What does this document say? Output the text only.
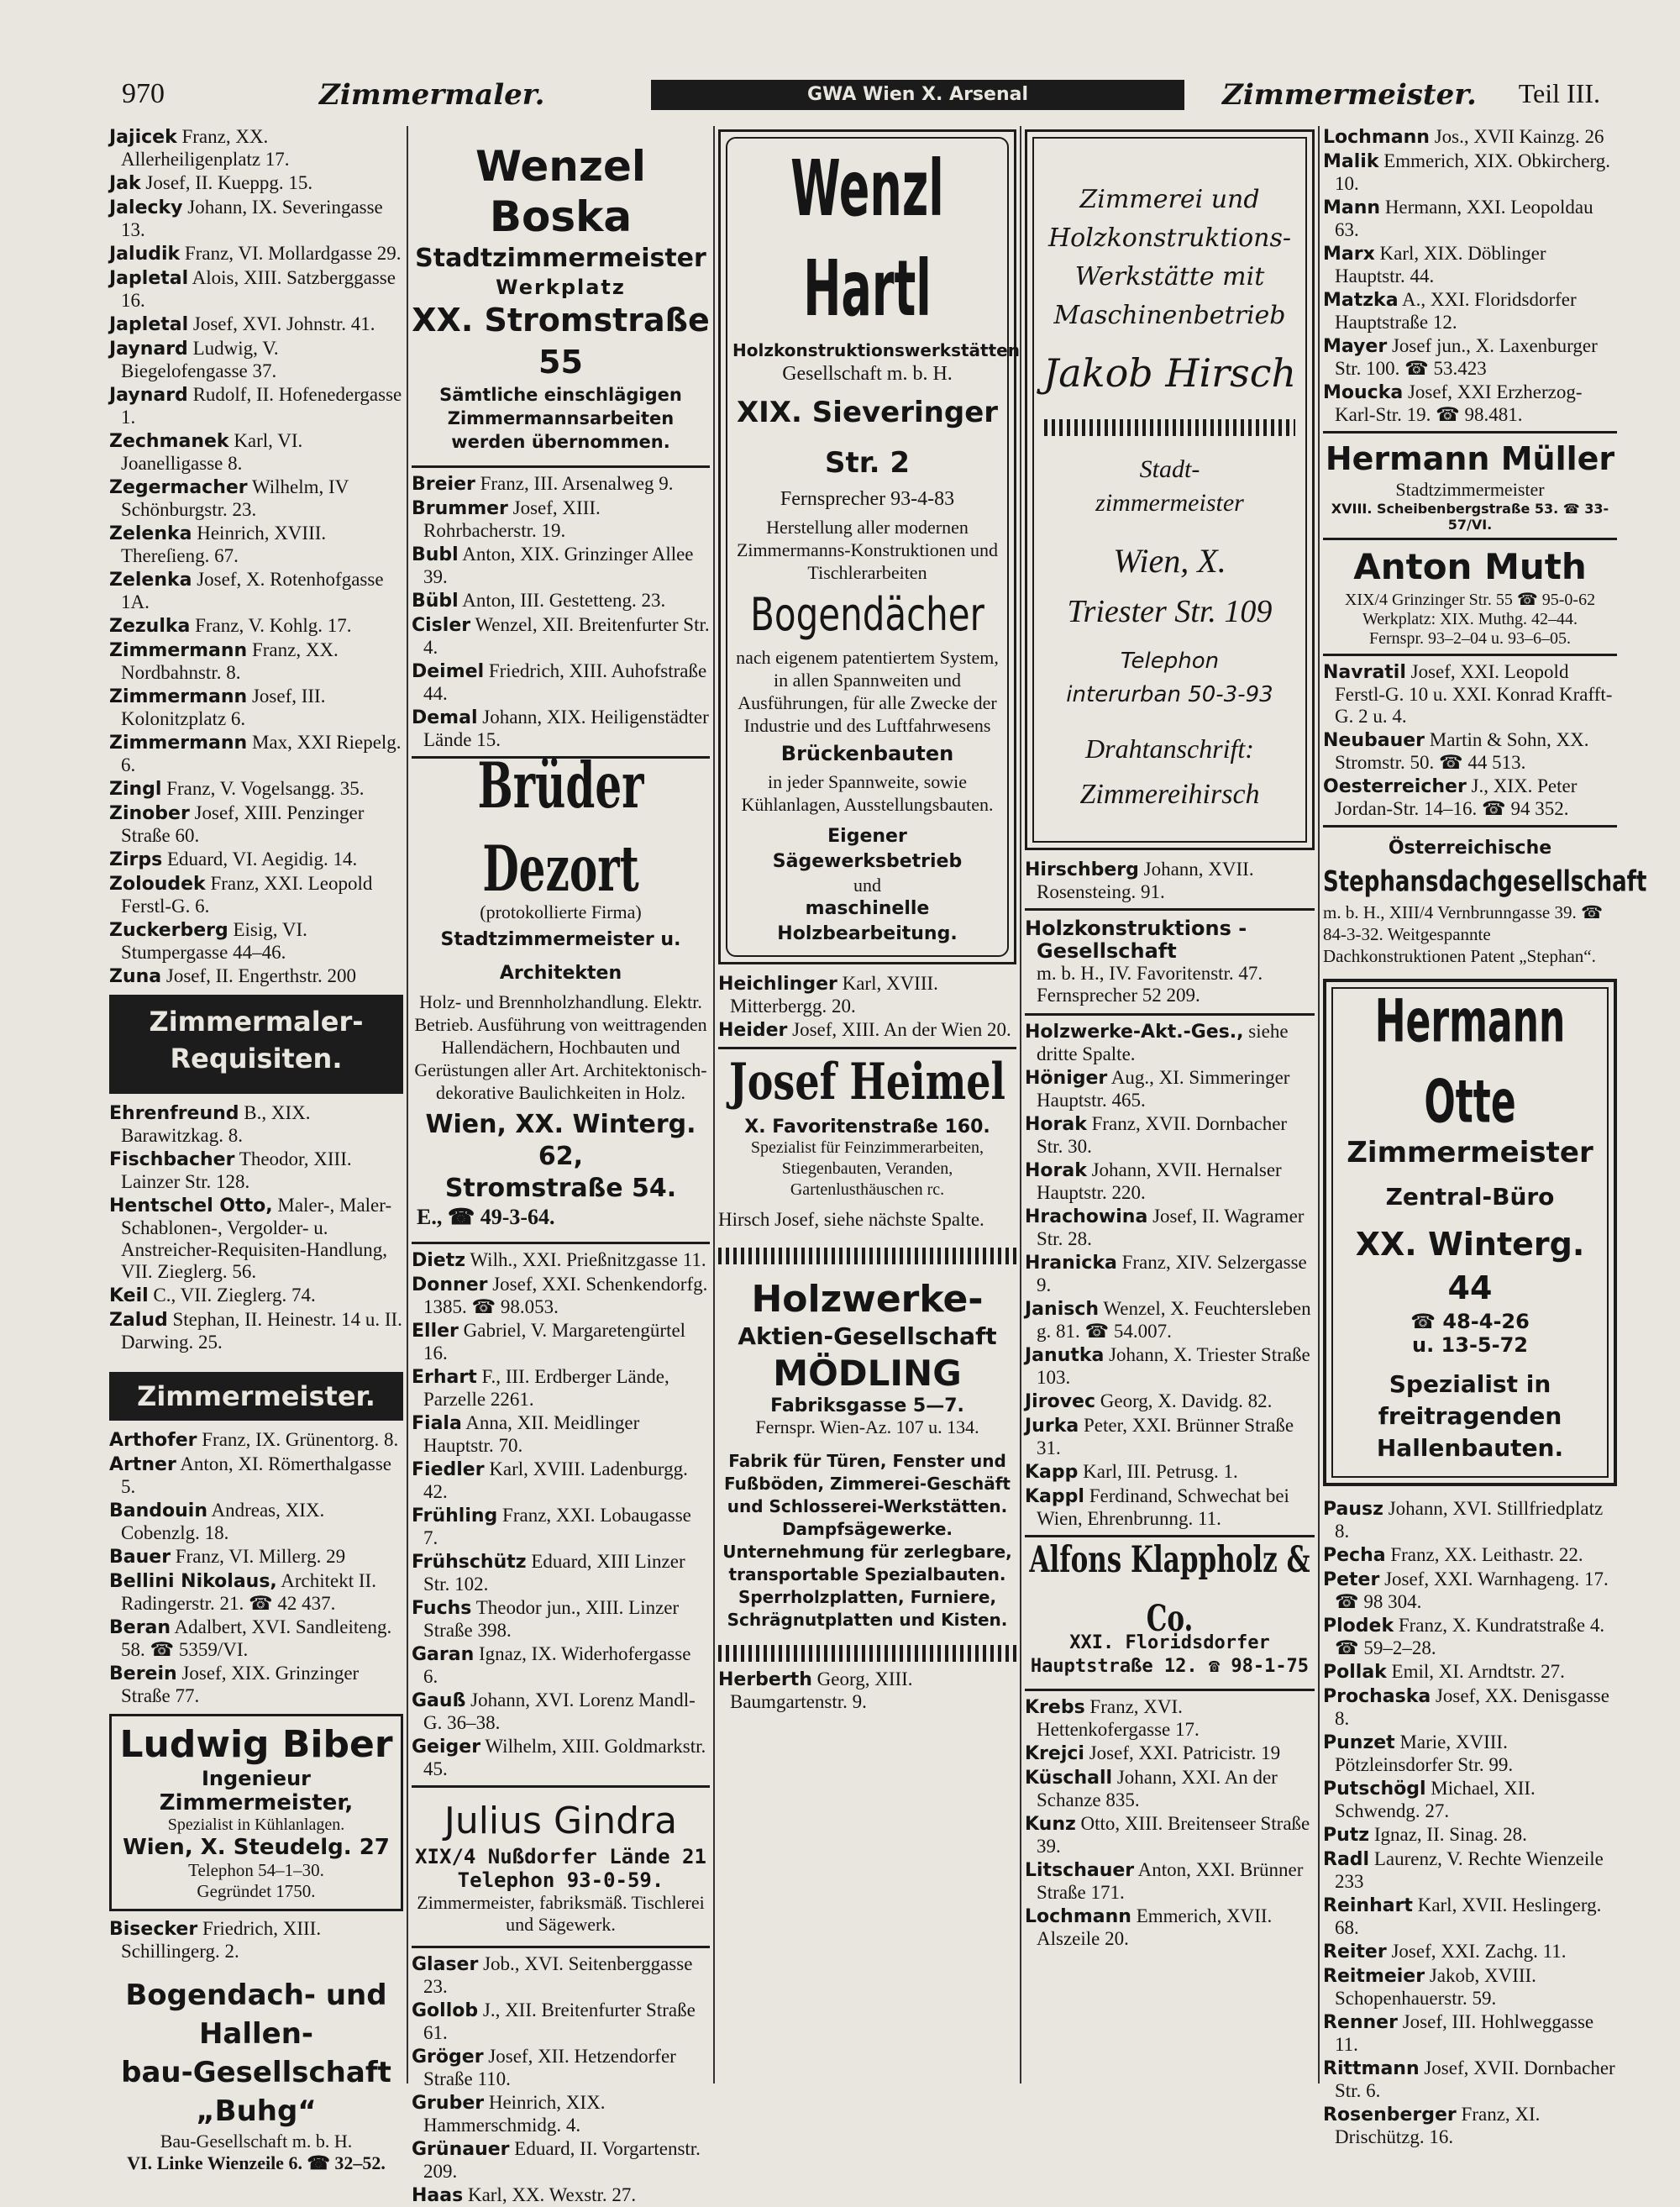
970	Zimmermaler.	GWA Wien X. Arsenal	Zimmermeister. Teil III.
Jajicek Franz, XX. Allerheiligenplatz 17.
Jak Josef, II. Kueppg. 15.
Jalecky Johann, IX. Severingasse 13.
Jaludik Franz, VI. Mollardgasse 29.
Japletal Alois, XIII. Satzberggasse 16.
Japletal Josef, XVI. Johnstr. 41.
Jaynard Ludwig, V. Biegelofengasse 37.
Jaynard Rudolf, II. Hofenedergasse 1.
Zechmanek Karl, VI. Joanelligasse 8.
Zegermacher Wilhelm, IV Schönburgstr. 23.
Zelenka Heinrich, XVIII. Thereſieng. 67.
Zelenka Josef, X. Rotenhofgasse 1A.
Zezulka Franz, V. Kohlg. 17.
Zimmermann Franz, XX. Nordbahnstr. 8.
Zimmermann Josef, III. Kolonitzplatz 6.
Zimmermann Max, XXI Riepelg. 6.
Zingl Franz, V. Vogelsangg. 35.
Zinober Josef, XIII. Penzinger Straße 60.
Zirps Eduard, VI. Aegidig. 14.
Zoloudek Franz, XXI. Leopold Ferstl-G. 6.
Zuckerberg Eisig, VI. Stumpergasse 44–46.
Zuna Josef, II. Engerthstr. 200
Zimmermaler-
Requisiten.
Ehrenfreund B., XIX. Barawitzkag. 8.
Fischbacher Theodor, XIII. Lainzer Str. 128.
Hentschel Otto, Maler-, Maler-Schablonen-, Vergolder- u. Anstreicher-Requisiten-Handlung, VII. Zieglerg. 56.
Keil C., VII. Zieglerg. 74.
Zalud Stephan, II. Heinestr. 14 u. II. Darwing. 25.
Zimmermeister.
Arthofer Franz, IX. Grünentorg. 8.
Artner Anton, XI. Römerthalgasse 5.
Bandouin Andreas, XIX. Cobenzlg. 18.
Bauer Franz, VI. Millerg. 29
Bellini Nikolaus, Architekt II. Radingerstr. 21. ☎ 42 437.
Beran Adalbert, XVI. Sandleiteng. 58. ☎ 5359/VI.
Berein Josef, XIX. Grinzinger Straße 77.
Ludwig Biber
Ingenieur
Zimmermeister,
Spezialist in Kühlanlagen.
Wien, X. Steudelg. 27
Telephon 54–1–30.
Gegründet 1750.
Bisecker Friedrich, XIII. Schillingerg. 2.
Bogendach- und Hallen-
bau-Gesellschaft „Buhg“
Bau-Gesellschaft m. b. H.
VI. Linke Wienzeile 6. ☎ 32–52.
Wenzel Boska
Stadtzimmermeister
Werkplatz
XX. Stromstraße 55
Sämtliche einschlägigen Zimmermannsarbeiten werden übernommen.
Breier Franz, III. Arsenalweg 9.
Brummer Josef, XIII. Rohrbacherstr. 19.
Bubl Anton, XIX. Grinzinger Allee 39.
Bübl Anton, III. Gestetteng. 23.
Cisler Wenzel, XII. Breitenfurter Str. 4.
Deimel Friedrich, XIII. Auhofstraße 44.
Demal Johann, XIX. Heiligenstädter Lände 15.
Brüder Dezort
(protokollierte Firma)
Stadtzimmermeister u. Architekten
Holz- und Brennholzhandlung. Elektr. Betrieb. Ausführung von weittragenden Hallendächern, Hochbauten und Gerüstungen aller Art. Architektonisch-dekorative Baulichkeiten in Holz.
Wien, XX. Winterg. 62,
Stromstraße 54.
E., ☎ 49-3-64.
Dietz Wilh., XXI. Prießnitzgasse 11.
Donner Josef, XXI. Schenkendorfg. 1385. ☎ 98.053.
Eller Gabriel, V. Margaretengürtel 16.
Erhart F., III. Erdberger Lände, Parzelle 2261.
Fiala Anna, XII. Meidlinger Hauptstr. 70.
Fiedler Karl, XVIII. Ladenburgg. 42.
Frühling Franz, XXI. Lobaugasse 7.
Frühschütz Eduard, XIII Linzer Str. 102.
Fuchs Theodor jun., XIII. Linzer Straße 398.
Garan Ignaz, IX. Widerhofergasse 6.
Gauß Johann, XVI. Lorenz Mandl-G. 36–38.
Geiger Wilhelm, XIII. Goldmarkstr. 45.
Julius Gindra
XIX/4 Nußdorfer Lände 21
Telephon 93-0-59.
Zimmermeister, fabriksmäß. Tischlerei und Sägewerk.
Glaser Job., XVI. Seitenberggasse 23.
Gollob J., XII. Breitenfurter Straße 61.
Gröger Josef, XII. Hetzendorfer Straße 110.
Gruber Heinrich, XIX. Hammerschmidg. 4.
Grünauer Eduard, II. Vorgartenstr. 209.
Haas Karl, XX. Wexstr. 27.
Wenzl Hartl
Holzkonstruktionswerkstätten
Gesellschaft m. b. H.
XIX. Sieveringer Str. 2
Fernsprecher 93-4-83
Herstellung aller modernen Zimmermanns-Konstruktionen und Tischlerarbeiten
Bogendächer
nach eigenem patentiertem System, in allen Spannweiten und Ausführungen, für alle Zwecke der Industrie und des Luftfahrwesens
Brückenbauten
in jeder Spannweite, sowie Kühlanlagen, Ausstellungsbauten.
Eigener Sägewerksbetrieb
und
maschinelle Holzbearbeitung.
Heichlinger Karl, XVIII. Mitterbergg. 20.
Heider Josef, XIII. An der Wien 20.
Josef Heimel
X. Favoritenstraße 160.
Spezialist für Feinzimmerarbeiten, Stiegenbauten, Veranden, Gartenlusthäuschen rc.
Hirsch Josef, siehe nächste Spalte.
Holzwerke-
Aktien-Gesellschaft
MÖDLING
Fabriksgasse 5—7.
Fernspr. Wien-Az. 107 u. 134.
Fabrik für Türen, Fenster und Fußböden, Zimmerei-Geschäft und Schlosserei-Werkstätten. Dampfsägewerke. Unternehmung für zerlegbare, transportable Spezialbauten. Sperrholzplatten, Furniere, Schrägnutplatten und Kisten.
Herberth Georg, XIII. Baumgartenstr. 9.
Zimmerei und
Holzkonstruktions-
Werkstätte mit
Maschinenbetrieb
Jakob Hirsch
Stadt-
zimmermeister
Wien, X.
Triester Str. 109
Telephon
interurban 50-3-93
Drahtanschrift:
Zimmereihirsch
Hirschberg Johann, XVII. Rosensteing. 91.
Holzkonstruktions - Gesellschaft
m. b. H., IV. Favoritenstr. 47. Fernsprecher 52 209.
Holzwerke-Akt.-Ges., siehe dritte Spalte.
Höniger Aug., XI. Simmeringer Hauptstr. 465.
Horak Franz, XVII. Dornbacher Str. 30.
Horak Johann, XVII. Hernalser Hauptstr. 220.
Hrachowina Josef, II. Wagramer Str. 28.
Hranicka Franz, XIV. Selzergasse 9.
Janisch Wenzel, X. Feuchtersleben g. 81. ☎ 54.007.
Janutka Johann, X. Triester Straße 103.
Jirovec Georg, X. Davidg. 82.
Jurka Peter, XXI. Brünner Straße 31.
Kapp Karl, III. Petrusg. 1.
Kappl Ferdinand, Schwechat bei Wien, Ehrenbrunng. 11.
Alfons Klappholz & Co.
XXI. Floridsdorfer Hauptstraße 12. ☎ 98-1-75
Krebs Franz, XVI. Hettenkofergasse 17.
Krejci Josef, XXI. Patricistr. 19
Küschall Johann, XXI. An der Schanze 835.
Kunz Otto, XIII. Breitenseer Straße 39.
Litschauer Anton, XXI. Brünner Straße 171.
Lochmann Emmerich, XVII. Alszeile 20.
Lochmann Jos., XVII Kainzg. 26
Malik Emmerich, XIX. Obkircherg. 10.
Mann Hermann, XXI. Leopoldau 63.
Marx Karl, XIX. Döblinger Hauptstr. 44.
Matzka A., XXI. Floridsdorfer Hauptstraße 12.
Mayer Josef jun., X. Laxenburger Str. 100. ☎ 53.423
Moucka Josef, XXI Erzherzog-Karl-Str. 19. ☎ 98.481.
Hermann Müller
Stadtzimmermeister
XVIII. Scheibenbergstraße 53. ☎ 33-57/VI.
Anton Muth
XIX/4 Grinzinger Str. 55 ☎ 95-0-62
Werkplatz: XIX. Muthg. 42–44.
Fernspr. 93–2–04 u. 93–6–05.
Navratil Josef, XXI. Leopold Ferstl-G. 10 u. XXI. Konrad Krafft-G. 2 u. 4.
Neubauer Martin & Sohn, XX. Stromstr. 50. ☎ 44 513.
Oesterreicher J., XIX. Peter Jordan-Str. 14–16. ☎ 94 352.
Österreichische
Stephansdachgesellschaft
m. b. H., XIII/4 Vernbrunngasse 39. ☎ 84-3-32. Weitgespannte Dachkonstruktionen Patent „Stephan“.
Hermann Otte
Zimmermeister
Zentral-Büro
XX. Winterg. 44
☎ 48-4-26
u. 13-5-72
Spezialist in freitragenden Hallenbauten.
Pausz Johann, XVI. Stillfriedplatz 8.
Pecha Franz, XX. Leithastr. 22.
Peter Josef, XXI. Warnhageng. 17. ☎ 98 304.
Plodek Franz, X. Kundratstraße 4. ☎ 59–2–28.
Pollak Emil, XI. Arndtstr. 27.
Prochaska Josef, XX. Denisgasse 8.
Punzet Marie, XVIII. Pötzleinsdorfer Str. 99.
Putschögl Michael, XII. Schwendg. 27.
Putz Ignaz, II. Sinag. 28.
Radl Laurenz, V. Rechte Wienzeile 233
Reinhart Karl, XVII. Heslingerg. 68.
Reiter Josef, XXI. Zachg. 11.
Reitmeier Jakob, XVIII. Schopenhauerstr. 59.
Renner Josef, III. Hohlweggasse 11.
Rittmann Josef, XVII. Dornbacher Str. 6.
Rosenberger Franz, XI. Drischützg. 16.
